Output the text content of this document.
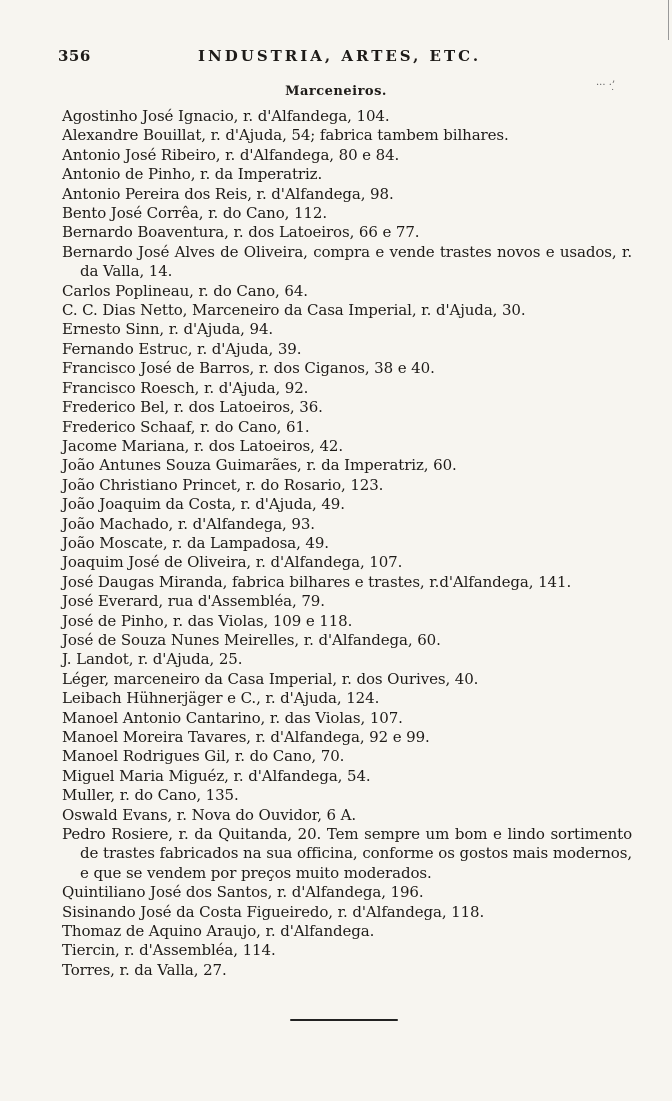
356	INDUSTRIA, ARTES, ETC.
Marceneiros.	··· ·’̣

Agostinho José Ignacio, r. d'Alfandega, 104.

Alexandre Bouillat, r. d'Ajuda, 54; fabrica tambem bilhares.

Antonio José Ribeiro, r. d'Alfandega, 80 e 84.

Antonio de Pinho, r. da Imperatriz.

Antonio Pereira dos Reis, r. d'Alfandega, 98.

Bento José Corrêa, r. do Cano, 112.

Bernardo Boaventura, r. dos Latoeiros, 66 e 77.

Bernardo José Alves de Oliveira, compra e vende trastes novos e usados, r. da Valla, 14.

Carlos Poplineau, r. do Cano, 64.

C. C. Dias Netto, Marceneiro da Casa Imperial, r. d'Ajuda, 30.

Ernesto Sinn, r. d'Ajuda, 94.

Fernando Estruc, r. d'Ajuda, 39.

Francisco José de Barros, r. dos Ciganos, 38 e 40.

Francisco Roesch, r. d'Ajuda, 92.

Frederico Bel, r. dos Latoeiros, 36.

Frederico Schaaf, r. do Cano, 61.

Jacome Mariana, r. dos Latoeiros, 42.

João Antunes Souza Guimarães, r. da Imperatriz, 60.

João Christiano Princet, r. do Rosario, 123.

João Joaquim da Costa, r. d'Ajuda, 49.

João Machado, r. d'Alfandega, 93.

João Moscate, r. da Lampadosa, 49.

Joaquim José de Oliveira, r. d'Alfandega, 107.

José Daugas Miranda, fabrica bilhares e trastes, r.d'Alfandega, 141.

José Everard, rua d'Assembléa, 79.

José de Pinho, r. das Violas, 109 e 118.

José de Souza Nunes Meirelles, r. d'Alfandega, 60.

J. Landot, r. d'Ajuda, 25.

Léger, marceneiro da Casa Imperial, r. dos Ourives, 40.

Leibach Hühnerjäger e C., r. d'Ajuda, 124.

Manoel Antonio Cantarino, r. das Violas, 107.

Manoel Moreira Tavares, r. d'Alfandega, 92 e 99.

Manoel Rodrigues Gil, r. do Cano, 70.

Miguel Maria Miguéz, r. d'Alfandega, 54.

Muller, r. do Cano, 135.

Oswald Evans, r. Nova do Ouvidor, 6 A.

Pedro Rosiere, r. da Quitanda, 20. Tem sempre um bom e lindo sortimento de trastes fabricados na sua officina, conforme os gostos mais modernos, e que se vendem por preços muito moderados.

Quintiliano José dos Santos, r. d'Alfandega, 196.

Sisinando José da Costa Figueiredo, r. d'Alfandega, 118.

Thomaz de Aquino Araujo, r. d'Alfandega.

Tiercin, r. d'Assembléa, 114.

Torres, r. da Valla, 27.
